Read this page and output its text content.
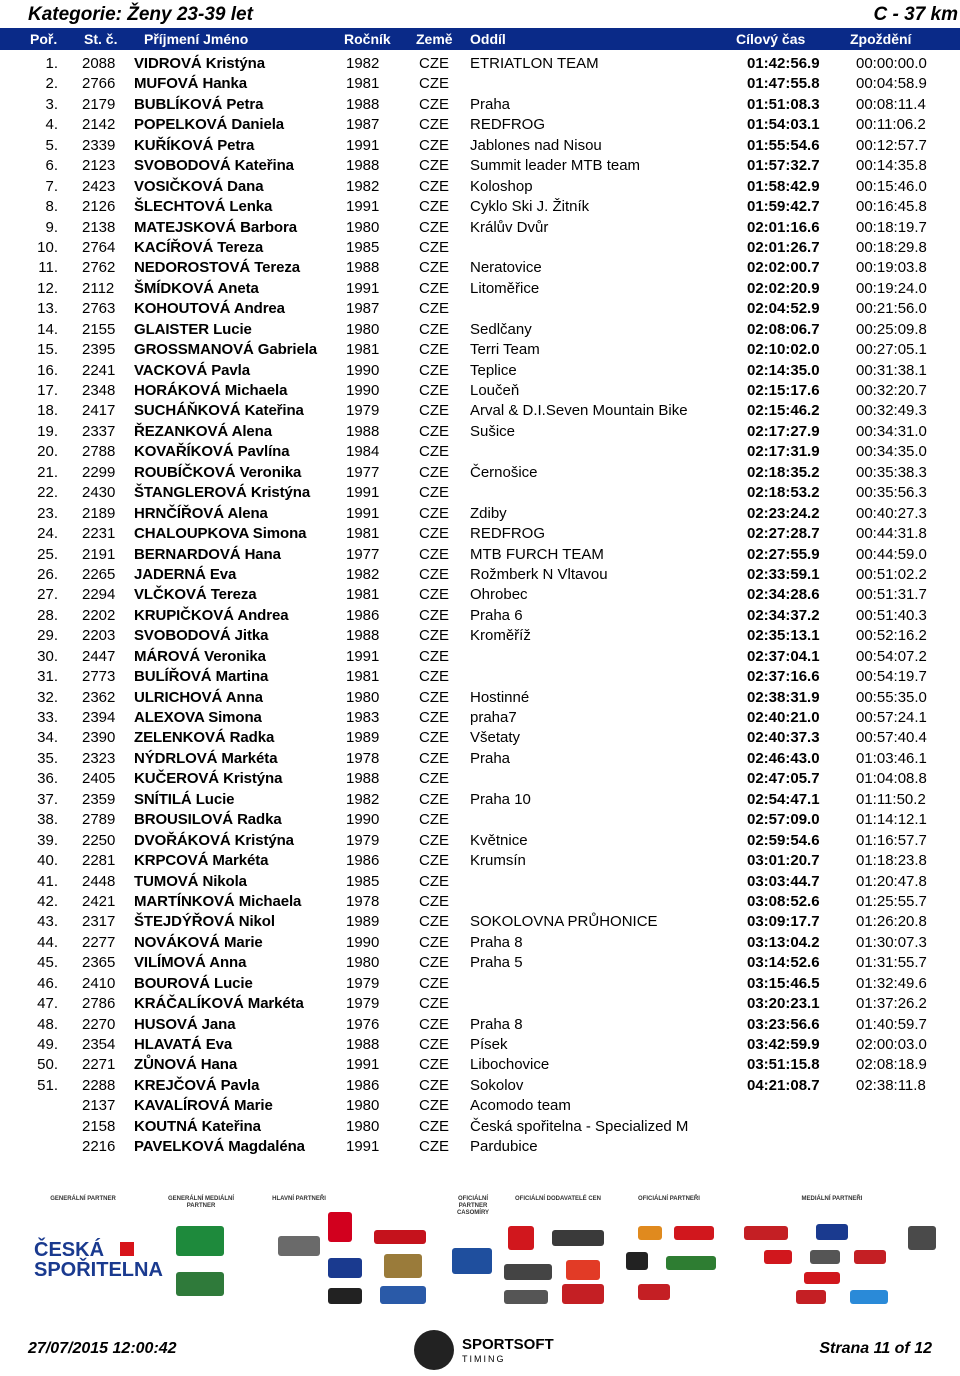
Kategorie: Ženy 23-39 let	C - 37 km
Poř. St. č. Příjmení Jméno	Ročník Země Oddíl	Cílový čas	Zpoždění
1. 2088 VIDROVÁ Kristýna	1982	CZE ETRIATLON TEAM	01:42:56.9 00:00:00.0
2. 2766 MUFOVÁ Hanka	1981	CZE	01:47:55.8 00:04:58.9
3. 2179 BUBLÍKOVÁ Petra	1988	CZE Praha	01:51:08.3 00:08:11.4
4. 2142 POPELKOVÁ Daniela	1987	CZE REDFROG	01:54:03.1 00:11:06.2
5. 2339 KUŘÍKOVÁ Petra	1991	CZE Jablones nad Nisou	01:55:54.6 00:12:57.7
6. 2123 SVOBODOVÁ Kateřina	1988	CZE Summit leader MTB team	01:57:32.7 00:14:35.8
7. 2423 VOSIČKOVÁ Dana	1982	CZE Koloshop	01:58:42.9 00:15:46.0
8. 2126 ŠLECHTOVÁ Lenka	1991	CZE Cyklo Ski J. Žitník	01:59:42.7 00:16:45.8
9. 2138 MATEJSKOVÁ Barbora	1980	CZE Králův Dvůr	02:01:16.6 00:18:19.7
10. 2764 KACÍŘOVÁ Tereza	1985	CZE	02:01:26.7 00:18:29.8
11. 2762 NEDOROSTOVÁ Tereza	1988	CZE Neratovice	02:02:00.7 00:19:03.8
12. 2112 ŠMÍDKOVÁ Aneta	1991	CZE Litoměřice	02:02:20.9 00:19:24.0
13. 2763 KOHOUTOVÁ Andrea	1987	CZE	02:04:52.9 00:21:56.0
14. 2155 GLAISTER Lucie	1980	CZE Sedlčany	02:08:06.7 00:25:09.8
15. 2395 GROSSMANOVÁ Gabriela 1981	CZE Terri Team	02:10:02.0 00:27:05.1
16. 2241 VACKOVÁ Pavla	1990	CZE Teplice	02:14:35.0 00:31:38.1
17. 2348 HORÁKOVÁ Michaela	1990	CZE Loučeň	02:15:17.6 00:32:20.7
18. 2417 SUCHÁŇKOVÁ Kateřina	1979	CZE Arval & D.I.Seven Mountain Bike	02:15:46.2 00:32:49.3
19. 2337 ŘEZANKOVÁ Alena	1988	CZE Sušice	02:17:27.9 00:34:31.0
20. 2788 KOVAŘÍKOVÁ Pavlína	1984	CZE	02:17:31.9 00:34:35.0
21. 2299 ROUBÍČKOVÁ Veronika	1977	CZE Černošice	02:18:35.2 00:35:38.3
22. 2430 ŠTANGLEROVÁ Kristýna 1991	CZE	02:18:53.2 00:35:56.3
23. 2189 HRNČÍŘOVÁ Alena	1991	CZE Zdiby	02:23:24.2 00:40:27.3
24. 2231 CHALOUPKOVA Simona	1981	CZE REDFROG	02:27:28.7 00:44:31.8
25. 2191 BERNARDOVÁ Hana	1977	CZE MTB FURCH TEAM	02:27:55.9 00:44:59.0
26. 2265 JADERNÁ Eva	1982	CZE Rožmberk N Vltavou	02:33:59.1 00:51:02.2
27. 2294 VLČKOVÁ Tereza	1981	CZE Ohrobec	02:34:28.6 00:51:31.7
28. 2202 KRUPIČKOVÁ Andrea	1986	CZE Praha 6	02:34:37.2 00:51:40.3
29. 2203 SVOBODOVÁ Jitka	1988	CZE Kroměříž	02:35:13.1 00:52:16.2
30. 2447 MÁROVÁ Veronika	1991	CZE	02:37:04.1 00:54:07.2
31. 2773 BULÍŘOVÁ Martina	1981	CZE	02:37:16.6 00:54:19.7
32. 2362 ULRICHOVÁ Anna	1980	CZE Hostinné	02:38:31.9 00:55:35.0
33. 2394 ALEXOVA Simona	1983	CZE praha7	02:40:21.0 00:57:24.1
34. 2390 ZELENKOVÁ Radka	1989	CZE Všetaty	02:40:37.3 00:57:40.4
35. 2323 NÝDRLOVÁ Markéta	1978	CZE Praha	02:46:43.0 01:03:46.1
36. 2405 KUČEROVÁ Kristýna	1988	CZE	02:47:05.7 01:04:08.8
37. 2359 SNÍTILÁ Lucie	1982	CZE Praha 10	02:54:47.1 01:11:50.2
38. 2789 BROUSILOVÁ Radka	1990	CZE	02:57:09.0 01:14:12.1
39. 2250 DVOŘÁKOVÁ Kristýna	1979	CZE Květnice	02:59:54.6 01:16:57.7
40. 2281 KRPCOVÁ Markéta	1986	CZE Krumsín	03:01:20.7 01:18:23.8
41. 2448 TUMOVÁ Nikola	1985	CZE	03:03:44.7 01:20:47.8
42. 2421 MARTÍNKOVÁ Michaela	1978	CZE	03:08:52.6 01:25:55.7
43. 2317 ŠTEJDÝŘOVÁ Nikol	1989	CZE SOKOLOVNA PRŮHONICE	03:09:17.7 01:26:20.8
44. 2277 NOVÁKOVÁ Marie	1990	CZE Praha 8	03:13:04.2 01:30:07.3
45. 2365 VILÍMOVÁ Anna	1980	CZE Praha 5	03:14:52.6 01:31:55.7
46. 2410 BOUROVÁ Lucie	1979	CZE	03:15:46.5 01:32:49.6
47. 2786 KRÁČALÍKOVÁ Markéta	1979	CZE	03:20:23.1 01:37:26.2
48. 2270 HUSOVÁ Jana	1976	CZE Praha 8	03:23:56.6 01:40:59.7
49. 2354 HLAVATÁ Eva	1988	CZE Písek	03:42:59.9 02:00:03.0
50. 2271 ZŮNOVÁ Hana	1991	CZE Libochovice	03:51:15.8 02:08:18.9
51. 2288 KREJČOVÁ Pavla	1986	CZE Sokolov	04:21:08.7 02:38:11.8
2137 KAVALÍROVÁ Marie	1980	CZE Acomodo team
2158 KOUTNÁ Kateřina	1980	CZE Česká spořitelna - Specialized M
2216 PAVELKOVÁ Magdaléna	1991	CZE Pardubice
GENERÁLNÍ PARTNER
ČESKÁ SPOŘITELNA
GENERÁLNÍ MEDIÁLNÍ PARTNER
HLAVNÍ PARTNEŘI	OFICIÁLNÍ PARTNER CASOMÍRY
OFICIÁLNÍ DODAVATELÉ CEN	OFICIÁLNÍ PARTNEŘI	MEDIÁLNÍ PARTNEŘI
27/07/2015 12:00:42	SPORTSOFT
TIMING
Strana 11 of 12
